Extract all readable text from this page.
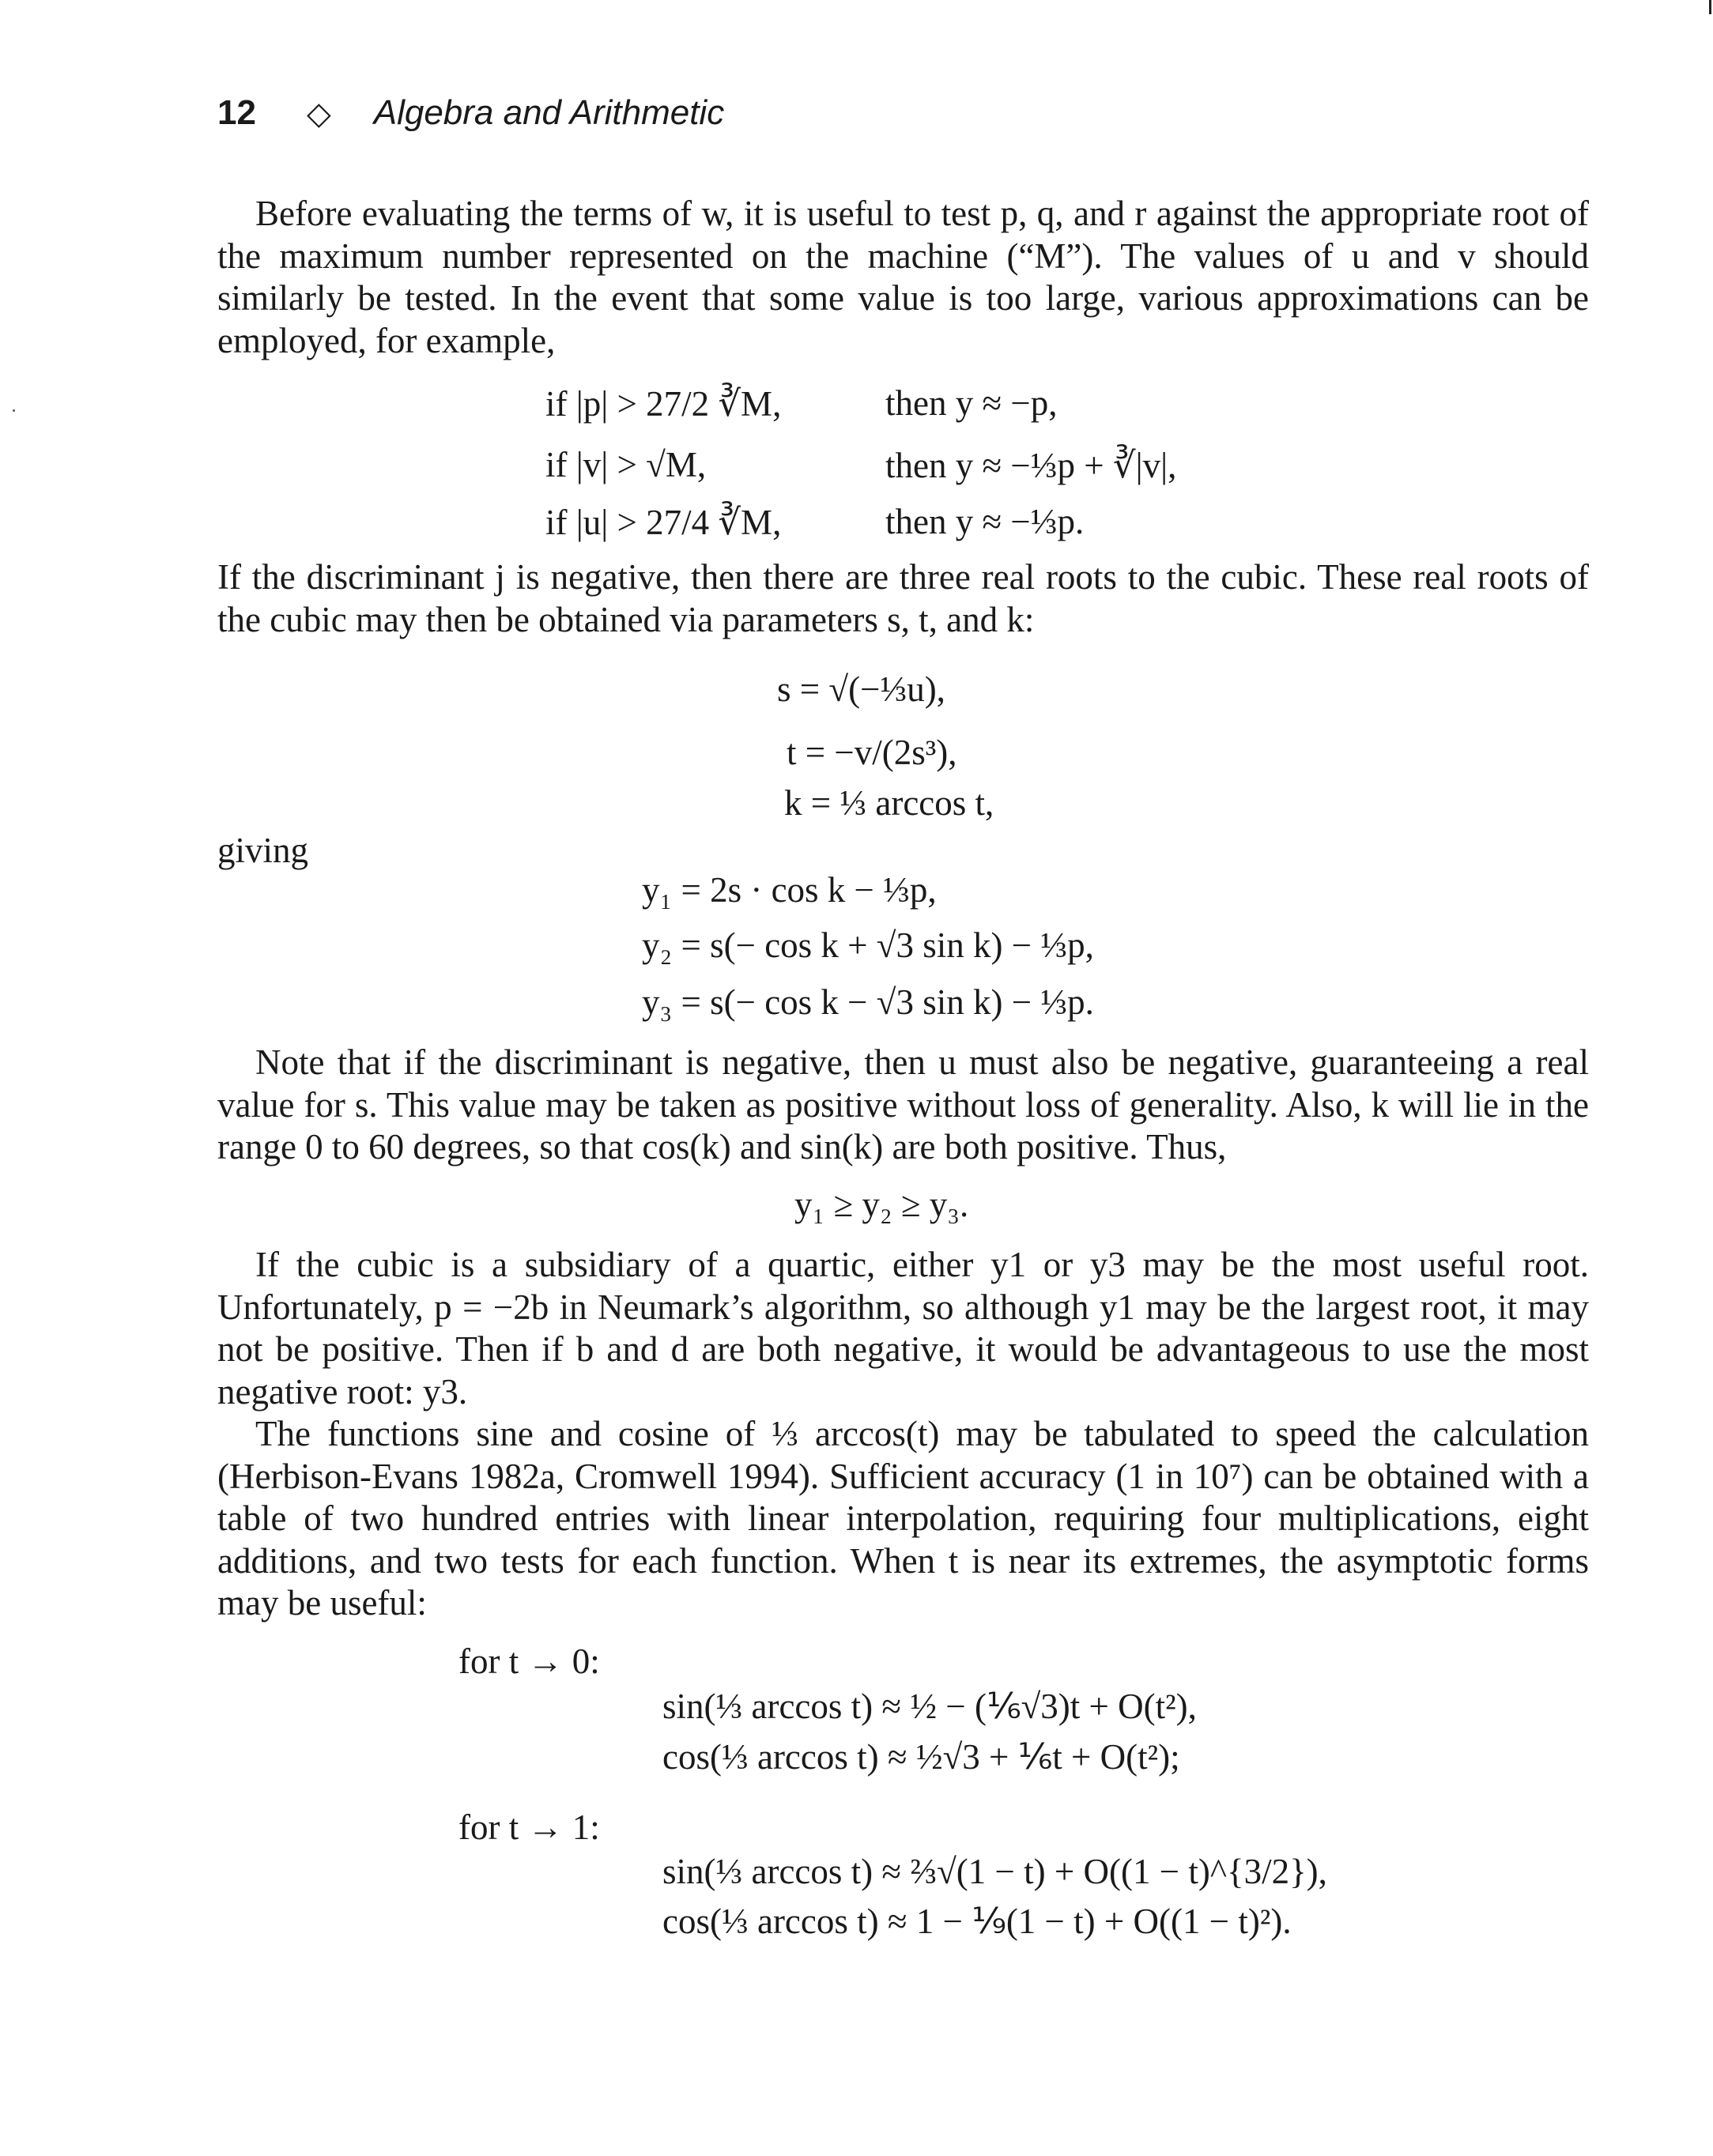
12 ◇ Algebra and Arithmetic

Before evaluating the terms of w, it is useful to test p, q, and r against the appropriate root of the maximum number represented on the machine (“M”). The values of u and v should similarly be tested. In the event that some value is too large, various approximations can be employed, for example,

if |p| > 27/2 ∛M,	then y ≈ −p,
if |v| > √M,	then y ≈ −⅓p + ∛|v|,
if |u| > 27/4 ∛M,	then y ≈ −⅓p.

If the discriminant j is negative, then there are three real roots to the cubic. These real roots of the cubic may then be obtained via parameters s, t, and k:

s = √(−⅓u),
t = −v/(2s³),
k = ⅓ arccos t,
giving
y₁ = 2s · cos k − ⅓p,
y₂ = s(− cos k + √3 sin k) − ⅓p,
y₃ = s(− cos k − √3 sin k) − ⅓p.

Note that if the discriminant is negative, then u must also be negative, guaranteeing a real value for s. This value may be taken as positive without loss of generality. Also, k will lie in the range 0 to 60 degrees, so that cos(k) and sin(k) are both positive. Thus,

y₁ ≥ y₂ ≥ y₃.

If the cubic is a subsidiary of a quartic, either y1 or y3 may be the most useful root. Unfortunately, p = −2b in Neumark’s algorithm, so although y1 may be the largest root, it may not be positive. Then if b and d are both negative, it would be advantageous to use the most negative root: y3.

The functions sine and cosine of ⅓ arccos(t) may be tabulated to speed the calculation (Herbison-Evans 1982a, Cromwell 1994). Sufficient accuracy (1 in 10⁷) can be obtained with a table of two hundred entries with linear interpolation, requiring four multiplications, eight additions, and two tests for each function. When t is near its extremes, the asymptotic forms may be useful:

for t → 0:
sin(⅓ arccos t) ≈ ½ − (⅙√3)t + O(t²),
cos(⅓ arccos t) ≈ ½√3 + ⅙t + O(t²);
for t → 1:
sin(⅓ arccos t) ≈ ⅔√(1 − t) + O((1 − t)^{3/2}),
cos(⅓ arccos t) ≈ 1 − ⅑(1 − t) + O((1 − t)²).
